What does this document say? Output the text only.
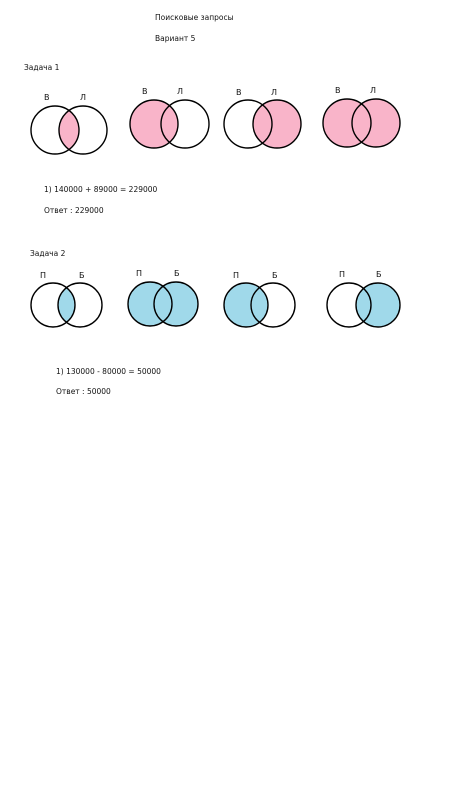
Поисковые запросы
Вариант 5
Задача 1
В	Л
В	Л	В	Л	В	Л
1) 140000 + 89000 = 229000
Ответ : 229000
Задача 2
П	Б	П	Б	П	Б	П	Б
1) 130000 - 80000 = 50000
Ответ : 50000
